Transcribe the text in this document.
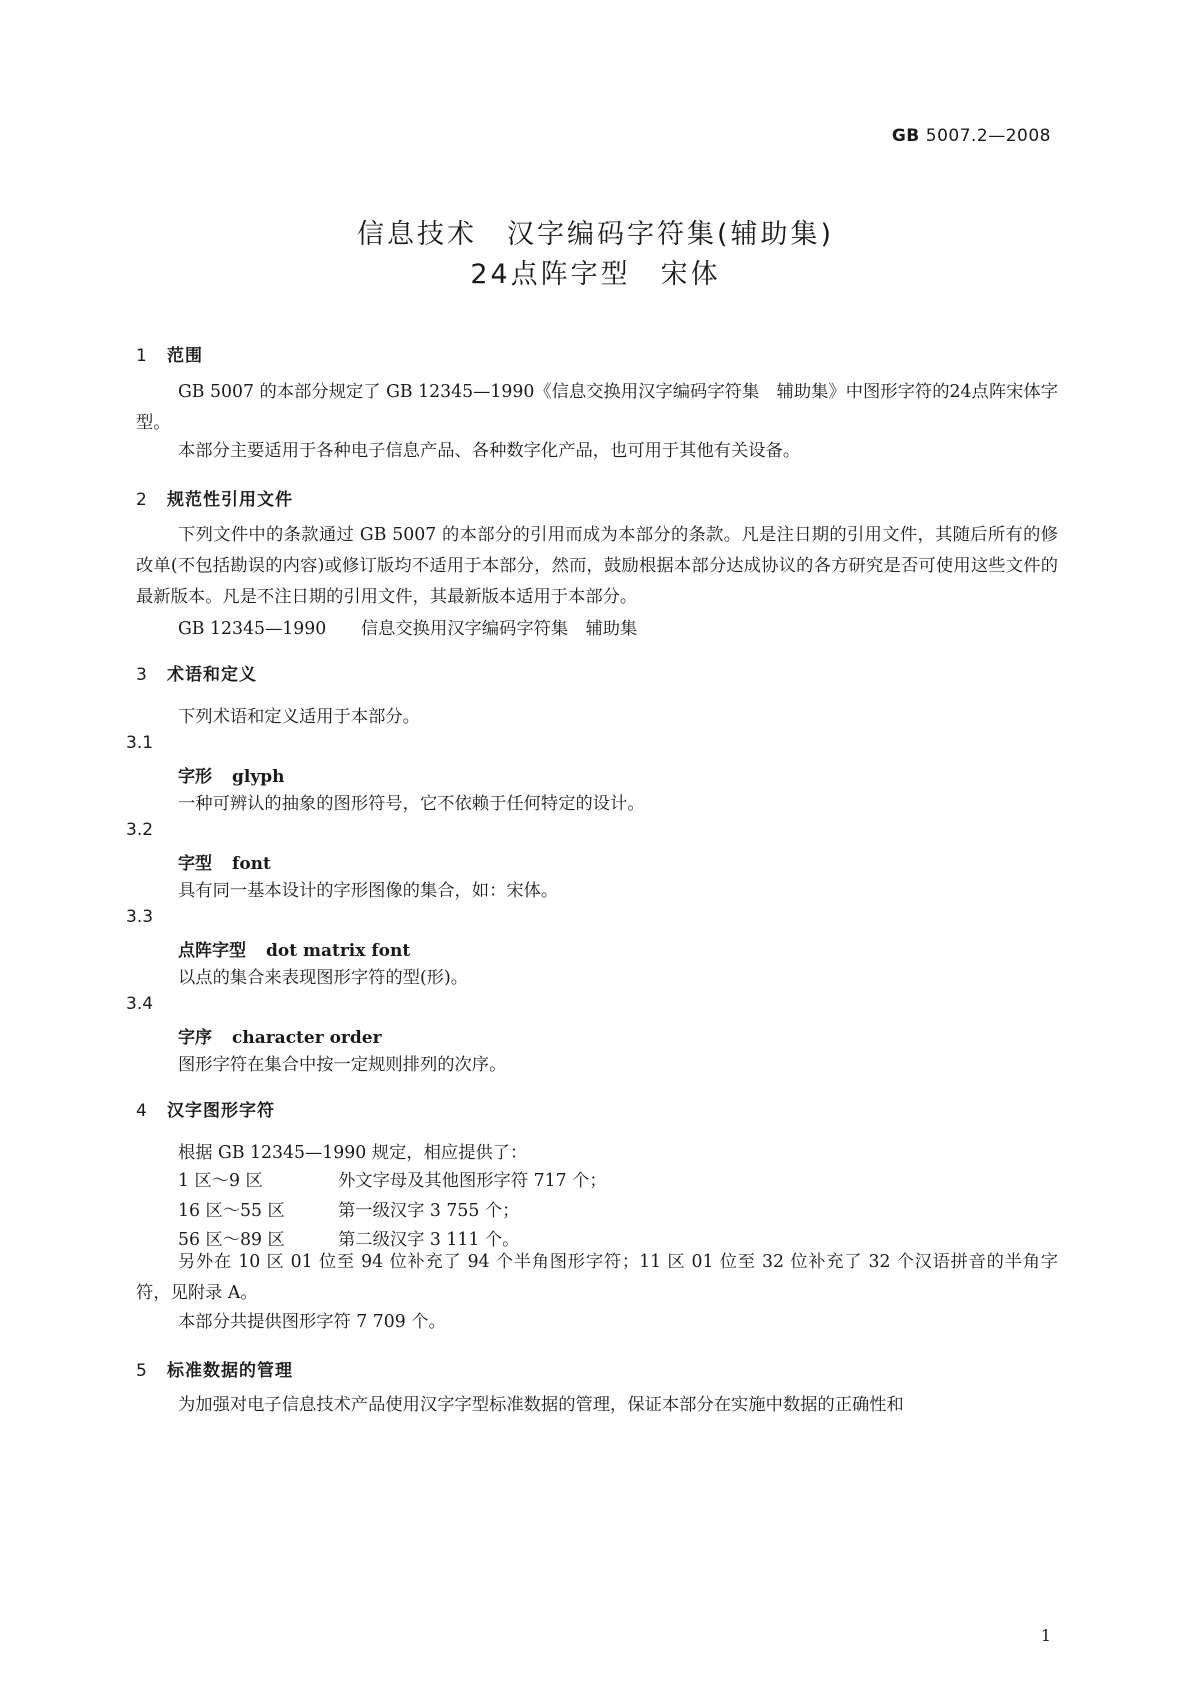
GB 5007.2—2008
信息技术 汉字编码字符集(辅助集)
24点阵字型 宋体
1 范围

GB 5007 的本部分规定了 GB 12345—1990《信息交换用汉字编码字符集　辅助集》中图形字符的24点阵宋体字型。

本部分主要适用于各种电子信息产品、各种数字化产品，也可用于其他有关设备。

2 规范性引用文件

下列文件中的条款通过 GB 5007 的本部分的引用而成为本部分的条款。凡是注日期的引用文件，其随后所有的修改单(不包括勘误的内容)或修订版均不适用于本部分，然而，鼓励根据本部分达成协议的各方研究是否可使用这些文件的最新版本。凡是不注日期的引用文件，其最新版本适用于本部分。

GB 12345—1990　　 信息交换用汉字编码字符集　辅助集
3 术语和定义
下列术语和定义适用于本部分。
3.1
字形 glyph
一种可辨认的抽象的图形符号，它不依赖于任何特定的设计。
3.2
字型 font
具有同一基本设计的字形图像的集合，如：宋体。
3.3
点阵字型 dot matrix font
以点的集合来表现图形字符的型(形)。
3.4
字序 character order
图形字符在集合中按一定规则排列的次序。
4 汉字图形字符
根据 GB 12345—1990 规定，相应提供了：
1 区～9 区	外文字母及其他图形字符 717 个；
16 区～55 区	第一级汉字 3 755 个；
56 区～89 区	第二级汉字 3 111 个。

另外在 10 区 01 位至 94 位补充了 94 个半角图形字符；11 区 01 位至 32 位补充了 32 个汉语拼音的半角字符，见附录 A。

本部分共提供图形字符 7 709 个。

5 标准数据的管理

为加强对电子信息技术产品使用汉字字型标准数据的管理，保证本部分在实施中数据的正确性和

1
